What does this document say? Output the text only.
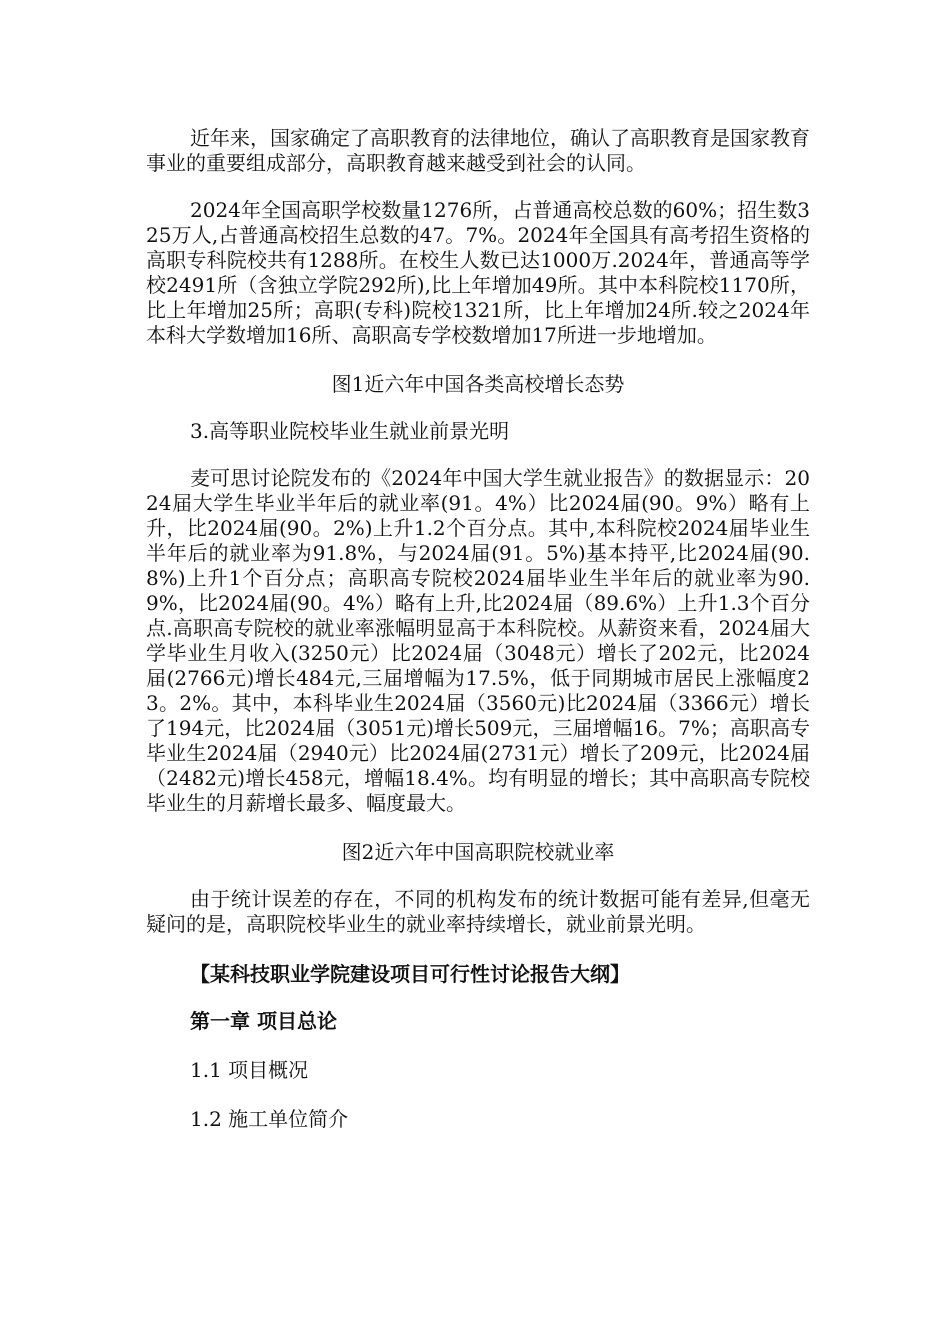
近年来，国家确定了高职教育的法律地位，确认了高职教育是国家教育事业的重要组成部分，高职教育越来越受到社会的认同。

2024年全国高职学校数量1276所，占普通高校总数的60%；招生数325万人,占普通高校招生总数的47。7%。2024年全国具有高考招生资格的高职专科院校共有1288所。在校生人数已达1000万.2024年，普通高等学校2491所（含独立学院292所),比上年增加49所。其中本科院校1170所，比上年增加25所；高职(专科)院校1321所，比上年增加24所.较之2024年本科大学数增加16所、高职高专学校数增加17所进一步地增加。

图1近六年中国各类高校增长态势

3.高等职业院校毕业生就业前景光明

麦可思讨论院发布的《2024年中国大学生就业报告》的数据显示：2024届大学生毕业半年后的就业率(91。4%）比2024届(90。9%）略有上升，比2024届(90。2%)上升1.2个百分点。其中,本科院校2024届毕业生半年后的就业率为91.8%，与2024届(91。5%)基本持平,比2024届(90.8%)上升1个百分点；高职高专院校2024届毕业生半年后的就业率为90.9%，比2024届(90。4%）略有上升,比2024届（89.6%）上升1.3个百分点.高职高专院校的就业率涨幅明显高于本科院校。从薪资来看，2024届大学毕业生月收入(3250元）比2024届（3048元）增长了202元，比2024届(2766元)增长484元,三届增幅为17.5%，低于同期城市居民上涨幅度23。2%。其中，本科毕业生2024届（3560元)比2024届（3366元）增长了194元，比2024届（3051元)增长509元，三届增幅16。7%；高职高专毕业生2024届（2940元）比2024届(2731元）增长了209元，比2024届（2482元)增长458元，增幅18.4%。均有明显的增长；其中高职高专院校毕业生的月薪增长最多、幅度最大。

图2近六年中国高职院校就业率

由于统计误差的存在，不同的机构发布的统计数据可能有差异,但毫无疑问的是，高职院校毕业生的就业率持续增长，就业前景光明。

【某科技职业学院建设项目可行性讨论报告大纲】

第一章 项目总论

1.1 项目概况

1.2 施工单位简介
